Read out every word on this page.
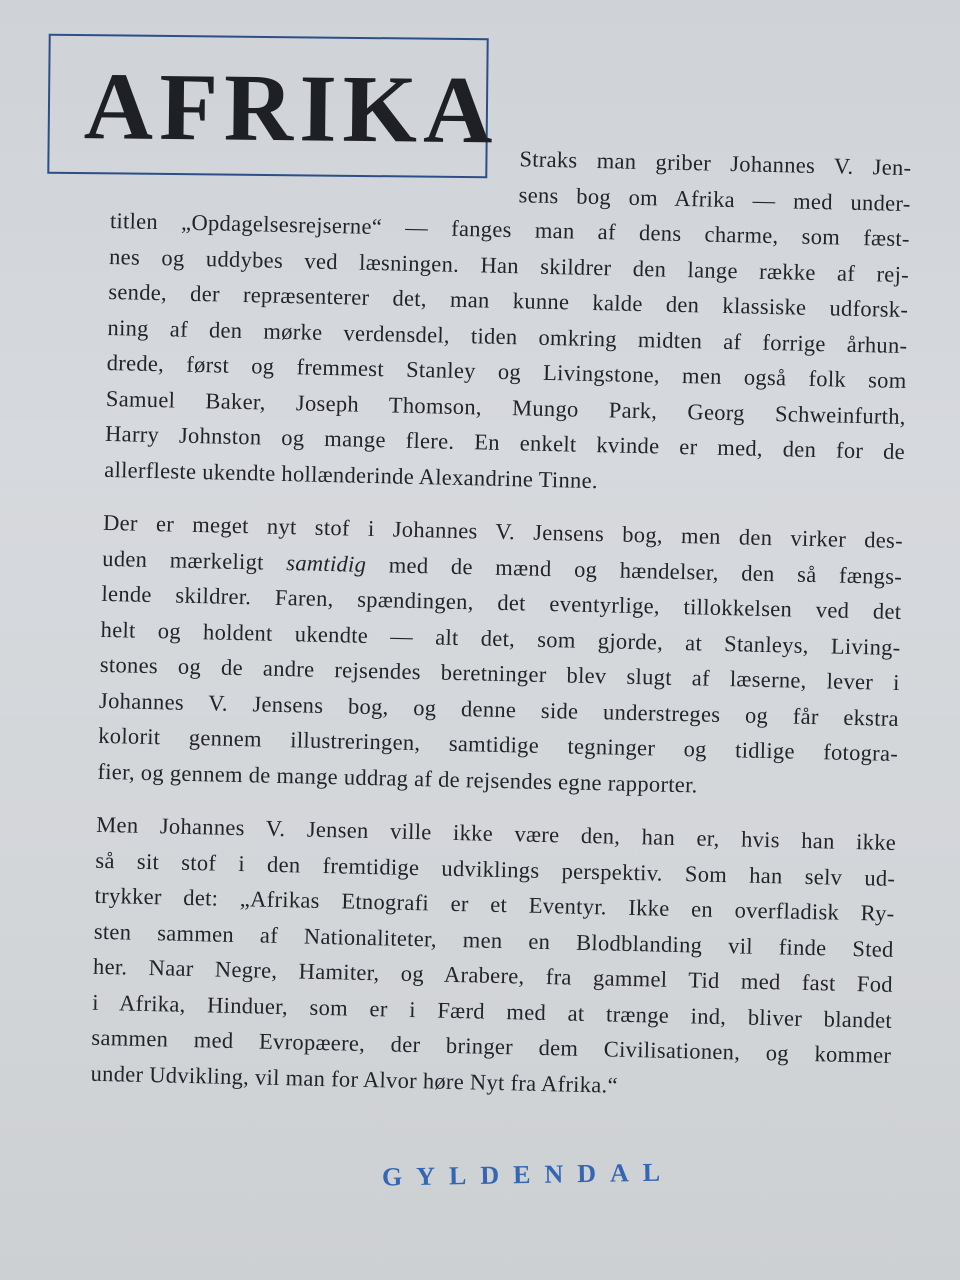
AFRIKA Straks man griber Johannes V. Jen-
sens bog om Afrika — med under-
titlen „Opdagelsesrejserne“ — fanges man af dens charme, som fæst-
nes og uddybes ved læsningen. Han skildrer den lange række af rej-
sende, der repræsenterer det, man kunne kalde den klassiske udforsk-
ning af den mørke verdensdel, tiden omkring midten af forrige århun-
drede, først og fremmest Stanley og Livingstone, men også folk som
Samuel Baker, Joseph Thomson, Mungo Park, Georg Schweinfurth,
Harry Johnston og mange flere. En enkelt kvinde er med, den for de
allerfleste ukendte hollænderinde Alexandrine Tinne.
Der er meget nyt stof i Johannes V. Jensens bog, men den virker des-
uden mærkeligt samtidig med de mænd og hændelser, den så fængs-
lende skildrer. Faren, spændingen, det eventyrlige, tillokkelsen ved det
helt og holdent ukendte — alt det, som gjorde, at Stanleys, Living-
stones og de andre rejsendes beretninger blev slugt af læserne, lever i
Johannes V. Jensens bog, og denne side understreges og får ekstra
kolorit gennem illustreringen, samtidige tegninger og tidlige fotogra-
fier, og gennem de mange uddrag af de rejsendes egne rapporter.
Men Johannes V. Jensen ville ikke være den, han er, hvis han ikke
så sit stof i den fremtidige udviklings perspektiv. Som han selv ud-
trykker det: „Afrikas Etnografi er et Eventyr. Ikke en overfladisk Ry-
sten sammen af Nationaliteter, men en Blodblanding vil finde Sted
her. Naar Negre, Hamiter, og Arabere, fra gammel Tid med fast Fod
i Afrika, Hinduer, som er i Færd med at trænge ind, bliver blandet
sammen med Evropæere, der bringer dem Civilisationen, og kommer
under Udvikling, vil man for Alvor høre Nyt fra Afrika.“

GYLDENDAL
